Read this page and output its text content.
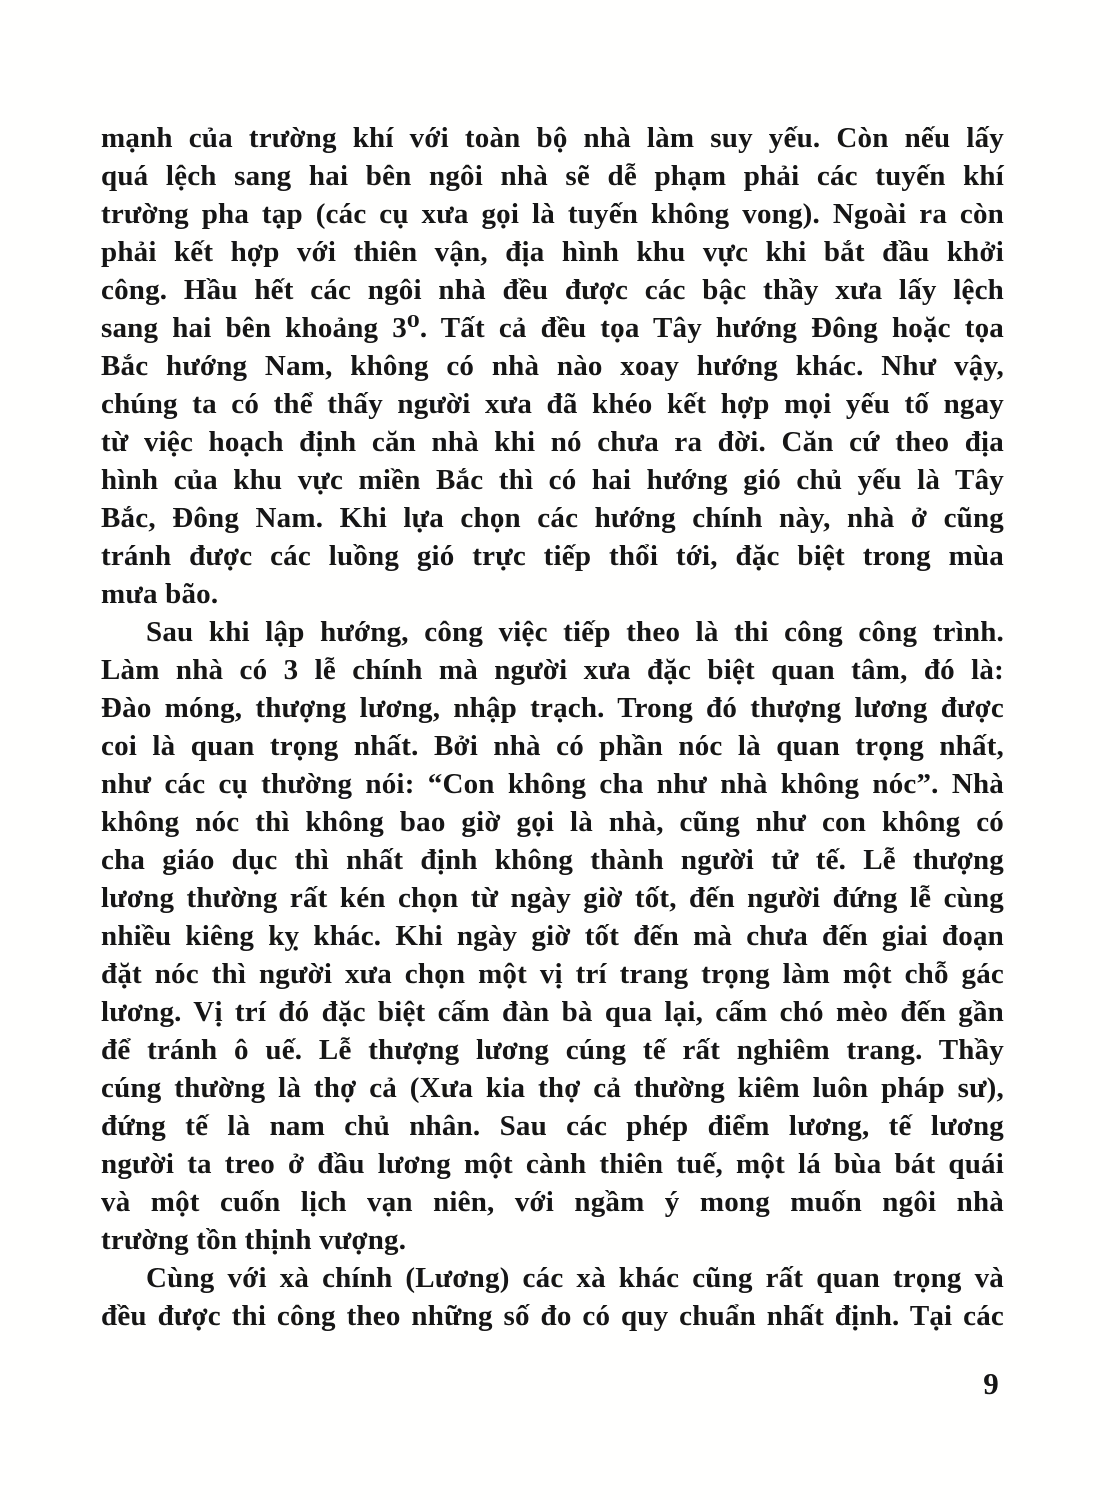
mạnh của trường khí với toàn bộ nhà làm suy yếu. Còn nếu lấy
quá lệch sang hai bên ngôi nhà sẽ dễ phạm phải các tuyến khí
trường pha tạp (các cụ xưa gọi là tuyến không vong). Ngoài ra còn
phải kết hợp với thiên vận, địa hình khu vực khi bắt đầu khởi
công. Hầu hết các ngôi nhà đều được các bậc thầy xưa lấy lệch
sang hai bên khoảng 3⁰. Tất cả đều tọa Tây hướng Đông hoặc tọa
Bắc hướng Nam, không có nhà nào xoay hướng khác. Như vậy,
chúng ta có thể thấy người xưa đã khéo kết hợp mọi yếu tố ngay
từ việc hoạch định căn nhà khi nó chưa ra đời. Căn cứ theo địa
hình của khu vực miền Bắc thì có hai hướng gió chủ yếu là Tây
Bắc, Đông Nam. Khi lựa chọn các hướng chính này, nhà ở cũng
tránh được các luồng gió trực tiếp thổi tới, đặc biệt trong mùa
mưa bão.
Sau khi lập hướng, công việc tiếp theo là thi công công trình.
Làm nhà có 3 lễ chính mà người xưa đặc biệt quan tâm, đó là:
Đào móng, thượng lương, nhập trạch. Trong đó thượng lương được
coi là quan trọng nhất. Bởi nhà có phần nóc là quan trọng nhất,
như các cụ thường nói: “Con không cha như nhà không nóc”. Nhà
không nóc thì không bao giờ gọi là nhà, cũng như con không có
cha giáo dục thì nhất định không thành người tử tế. Lễ thượng
lương thường rất kén chọn từ ngày giờ tốt, đến người đứng lễ cùng
nhiều kiêng kỵ khác. Khi ngày giờ tốt đến mà chưa đến giai đoạn
đặt nóc thì người xưa chọn một vị trí trang trọng làm một chỗ gác
lương. Vị trí đó đặc biệt cấm đàn bà qua lại, cấm chó mèo đến gần
để tránh ô uế. Lễ thượng lương cúng tế rất nghiêm trang. Thầy
cúng thường là thợ cả (Xưa kia thợ cả thường kiêm luôn pháp sư),
đứng tế là nam chủ nhân. Sau các phép điểm lương, tế lương
người ta treo ở đầu lương một cành thiên tuế, một lá bùa bát quái
và một cuốn lịch vạn niên, với ngầm ý mong muốn ngôi nhà
trường tồn thịnh vượng.
Cùng với xà chính (Lương) các xà khác cũng rất quan trọng và
đều được thi công theo những số đo có quy chuẩn nhất định. Tại các
9
